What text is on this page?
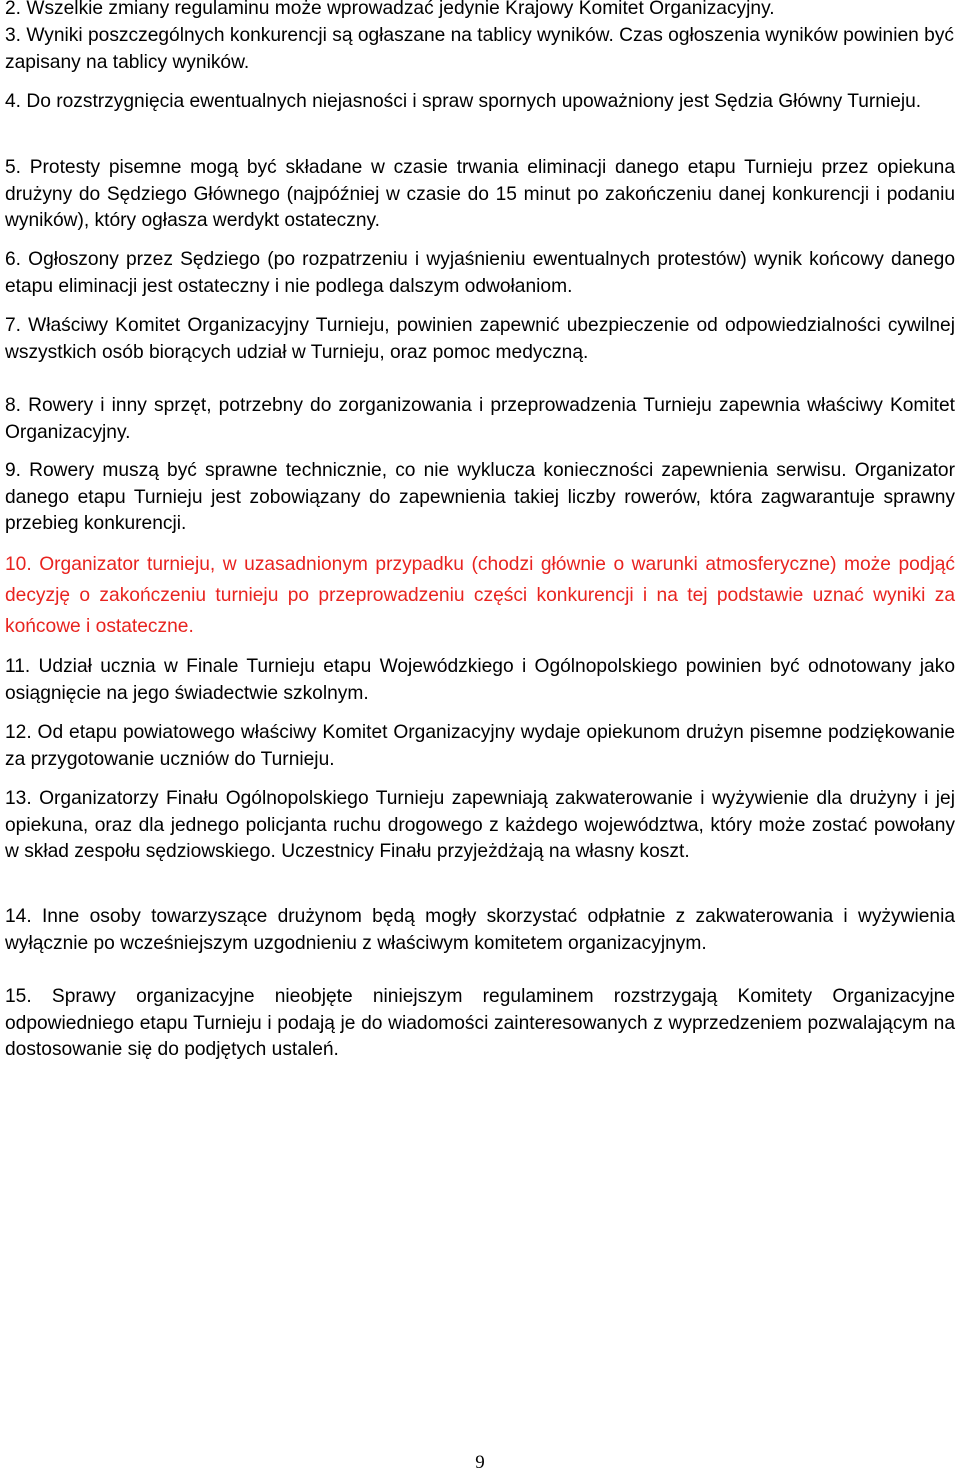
2. Wszelkie zmiany regulaminu może wprowadzać jedynie Krajowy Komitet Organizacyjny.

3. Wyniki poszczególnych konkurencji są ogłaszane na tablicy wyników. Czas ogłoszenia wyników powinien być zapisany na tablicy wyników.

4. Do rozstrzygnięcia ewentualnych niejasności i spraw spornych upoważniony jest Sędzia Główny Turnieju.

5. Protesty pisemne mogą być składane w czasie trwania eliminacji danego etapu Turnieju przez opiekuna drużyny do Sędziego Głównego (najpóźniej w czasie do 15 minut po zakończeniu danej konkurencji i podaniu wyników), który ogłasza werdykt ostateczny.

6. Ogłoszony przez Sędziego (po rozpatrzeniu i wyjaśnieniu ewentualnych protestów) wynik końcowy danego etapu eliminacji jest ostateczny i nie podlega dalszym odwołaniom.

7. Właściwy Komitet Organizacyjny Turnieju, powinien zapewnić ubezpieczenie od odpowiedzialności cywilnej wszystkich osób biorących udział w Turnieju, oraz pomoc medyczną.

8. Rowery i inny sprzęt, potrzebny do zorganizowania i przeprowadzenia Turnieju zapewnia właściwy Komitet Organizacyjny.

9. Rowery muszą być sprawne technicznie, co nie wyklucza konieczności zapewnienia serwisu. Organizator danego etapu Turnieju jest zobowiązany do zapewnienia takiej liczby rowerów, która zagwarantuje sprawny przebieg konkurencji.

10. Organizator turnieju, w uzasadnionym przypadku (chodzi głównie o warunki atmosferyczne) może podjąć decyzję o zakończeniu turnieju po przeprowadzeniu części konkurencji i na tej podstawie uznać wyniki za końcowe i ostateczne.

11. Udział ucznia w Finale Turnieju etapu Wojewódzkiego i Ogólnopolskiego powinien być odnotowany jako osiągnięcie na jego świadectwie szkolnym.

12. Od etapu powiatowego właściwy Komitet Organizacyjny wydaje opiekunom drużyn pisemne podziękowanie za przygotowanie uczniów do Turnieju.

13. Organizatorzy Finału Ogólnopolskiego Turnieju zapewniają zakwaterowanie i wyżywienie dla drużyny i jej opiekuna, oraz dla jednego policjanta ruchu drogowego z każdego województwa, który może zostać powołany w skład zespołu sędziowskiego. Uczestnicy Finału przyjeżdżają na własny koszt.

14. Inne osoby towarzyszące drużynom będą mogły skorzystać odpłatnie z zakwaterowania i wyżywienia wyłącznie po wcześniejszym uzgodnieniu z właściwym komitetem organizacyjnym.

15. Sprawy organizacyjne nieobjęte niniejszym regulaminem rozstrzygają Komitety Organizacyjne odpowiedniego etapu Turnieju i podają je do wiadomości zainteresowanych z wyprzedzeniem pozwalającym na dostosowanie się do podjętych ustaleń.

9
